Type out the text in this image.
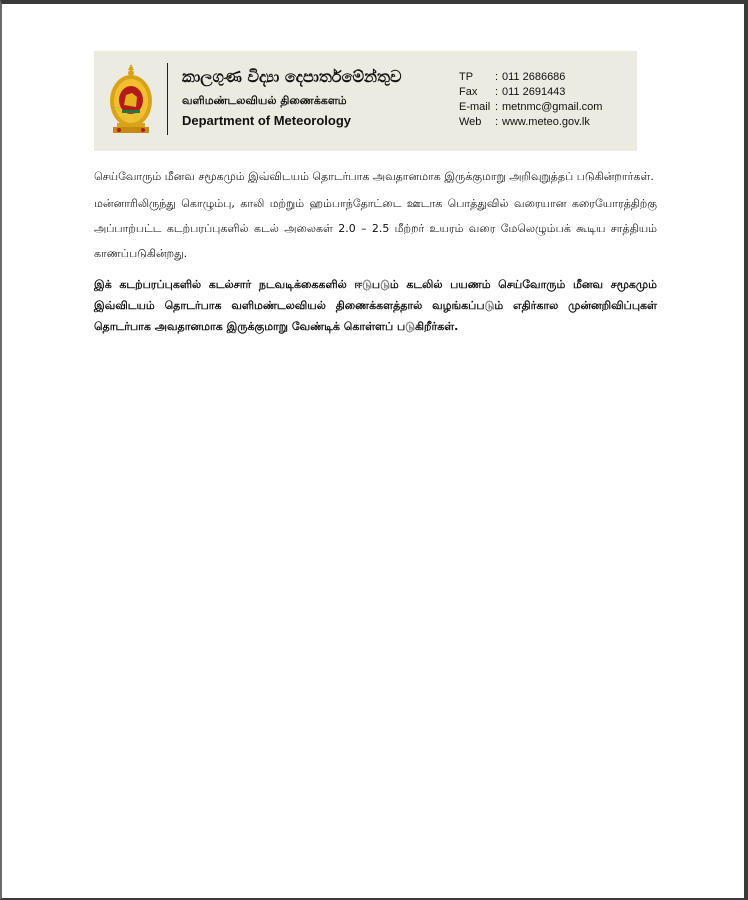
කාලගුණ විද්‍යා දෙපාර්තමේන්තුව
வளிமண்டலவியல் திணைக்களம்
Department of Meteorology
TP	: 011 2686686
Fax	: 011 2691443
E-mail : metnmc@gmail.com
Web	: www.meteo.gov.lk

செய்வோரும் மீனவ சமூகமும் இவ்விடயம் தொடர்பாக அவதானமாக இருக்குமாறு அறிவுறுத்தப் படுகின்றார்கள்.

மன்னாரிலிருந்து கொழும்பு, காலி மற்றும் ஹம்பாந்தோட்டை ஊடாக பொத்துவில் வரையான கரையோரத்திற்கு அப்பாற்பட்ட கடற்பரப்புகளில் கடல் அலைகள் 2.0 – 2.5 மீற்றர் உயரம் வரை மேலெழும்பக் கூடிய சாத்தியம் காணப்படுகின்றது.

இக் கடற்பரப்புகளில் கடல்சார் நடவடிக்கைகளில் ஈடுபடும் கடலில் பயணம் செய்வோரும் மீனவ சமூகமும் இவ்விடயம் தொடர்பாக வளிமண்டலவியல் திணைக்களத்தால் வழங்கப்படும் எதிர்கால முன்னறிவிப்புகள் தொடர்பாக அவதானமாக இருக்குமாறு வேண்டிக் கொள்ளப் படுகிறீர்கள்.
